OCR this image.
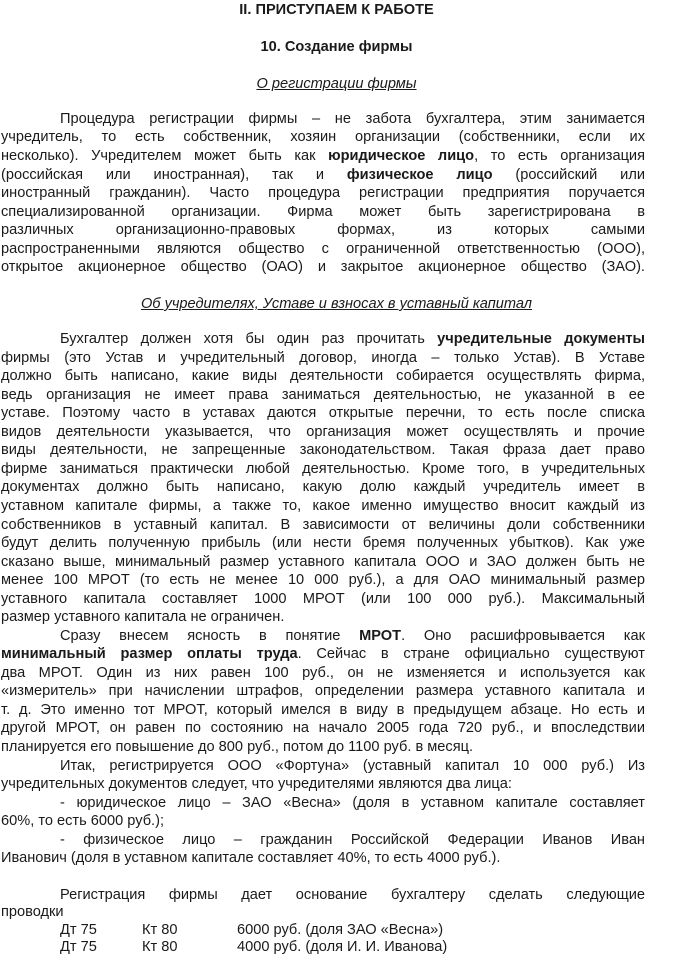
II. ПРИСТУПАЕМ К РАБОТЕ
10. Создание фирмы
О регистрации фирмы
Процедура регистрации фирмы – не забота бухгалтера, этим занимается
учредитель, то есть собственник, хозяин организации (собственники, если их
несколько). Учредителем может быть как юридическое лицо, то есть организация
(российская или иностранная), так и физическое лицо (российский или
иностранный гражданин). Часто процедура регистрации предприятия поручается
специализированной организации. Фирма может быть зарегистрирована в
различных организационно-правовых формах, из которых самыми
распространенными являются общество с ограниченной ответственностью (ООО),
открытое акционерное общество (ОАО) и закрытое акционерное общество (ЗАО).
Об учредителях, Уставе и взносах в уставный капитал
Бухгалтер должен хотя бы один раз прочитать учредительные документы
фирмы (это Устав и учредительный договор, иногда – только Устав). В Уставе
должно быть написано, какие виды деятельности собирается осуществлять фирма,
ведь организация не имеет права заниматься деятельностью, не указанной в ее
уставе. Поэтому часто в уставах даются открытые перечни, то есть после списка
видов деятельности указывается, что организация может осуществлять и прочие
виды деятельности, не запрещенные законодательством. Такая фраза дает право
фирме заниматься практически любой деятельностью. Кроме того, в учредительных
документах должно быть написано, какую долю каждый учредитель имеет в
уставном капитале фирмы, а также то, какое именно имущество вносит каждый из
собственников в уставный капитал. В зависимости от величины доли собственники
будут делить полученную прибыль (или нести бремя полученных убытков). Как уже
сказано выше, минимальный размер уставного капитала ООО и ЗАО должен быть не
менее 100 МРОТ (то есть не менее 10 000 руб.), а для ОАО минимальный размер
уставного капитала составляет 1000 МРОТ (или 100 000 руб.). Максимальный
размер уставного капитала не ограничен.
Сразу внесем ясность в понятие МРОТ. Оно расшифровывается как
минимальный размер оплаты труда. Сейчас в стране официально существуют
два МРОТ. Один из них равен 100 руб., он не изменяется и используется как
«измеритель» при начислении штрафов, определении размера уставного капитала и
т. д. Это именно тот МРОТ, который имелся в виду в предыдущем абзаце. Но есть и
другой МРОТ, он равен по состоянию на начало 2005 года 720 руб., и впоследствии
планируется его повышение до 800 руб., потом до 1100 руб. в месяц.
Итак, регистрируется ООО «Фортуна» (уставный капитал 10 000 руб.) Из
учредительных документов следует, что учредителями являются два лица:
- юридическое лицо – ЗАО «Весна» (доля в уставном капитале составляет
60%, то есть 6000 руб.);
- физическое лицо – гражданин Российской Федерации Иванов Иван
Иванович (доля в уставном капитале составляет 40%, то есть 4000 руб.).
Регистрация фирмы дает основание бухгалтеру сделать следующие
проводки
Дт 75	Кт 80	6000 руб. (доля ЗАО «Весна»)
Дт 75	Кт 80	4000 руб. (доля И. И. Иванова)
